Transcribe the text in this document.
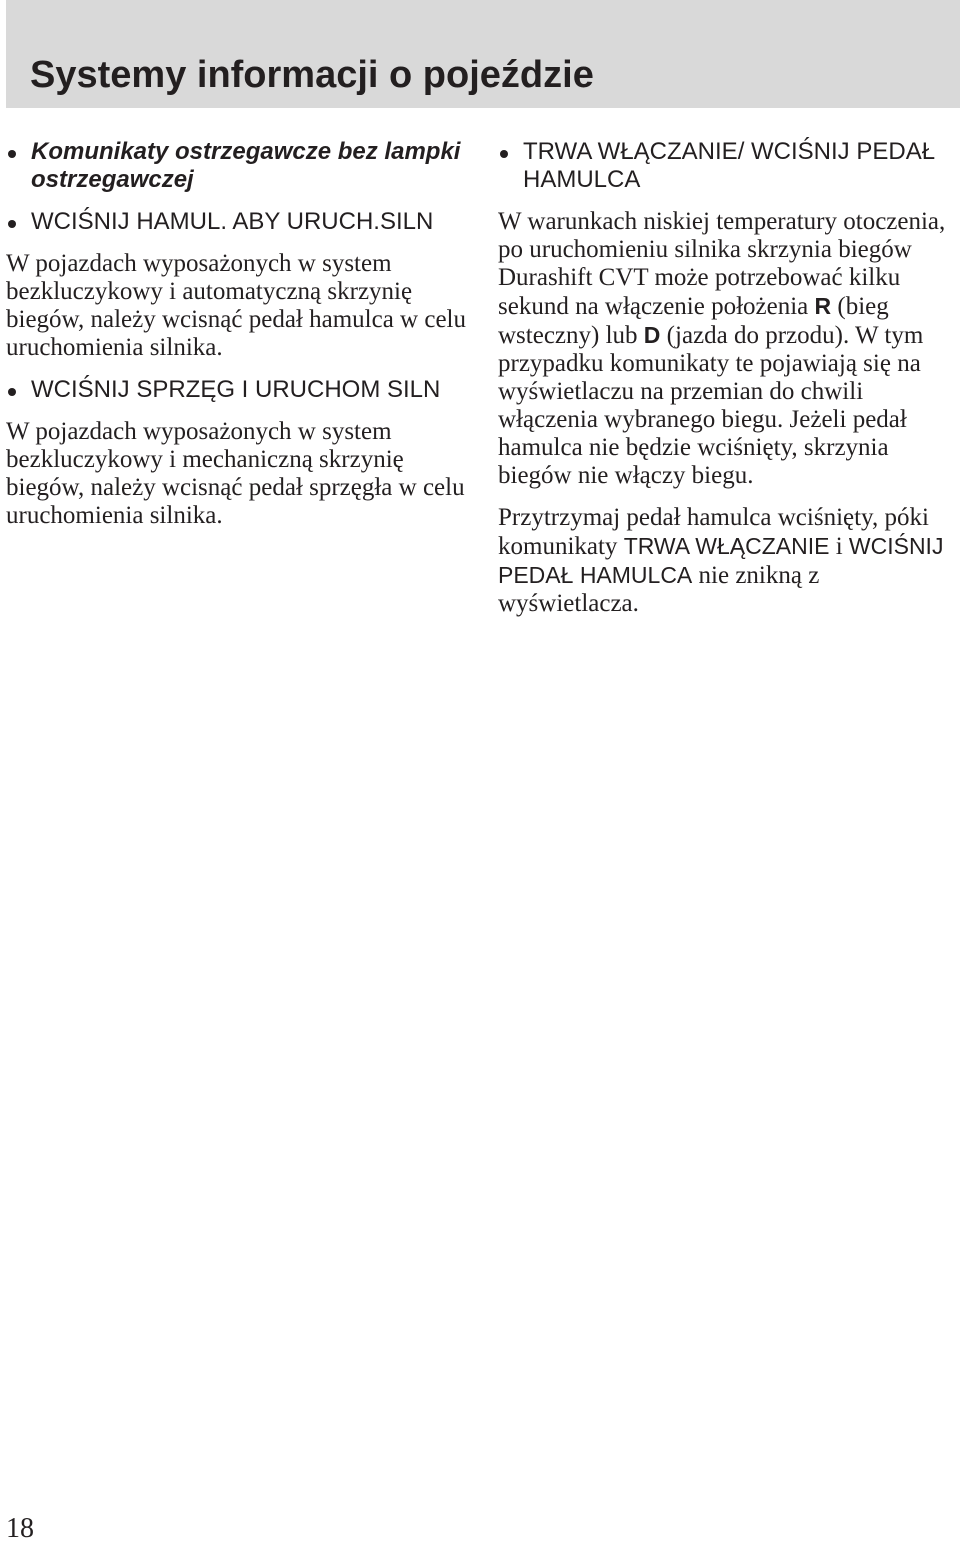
Systemy informacji o pojeździe
Komunikaty ostrzegawcze bez lampki ostrzegawczej
WCIŚNIJ HAMUL. ABY URUCH.SILN

W pojazdach wyposażonych w system bezkluczykowy i automatyczną skrzynię biegów, należy wcisnąć pedał hamulca w celu uruchomienia silnika.

WCIŚNIJ SPRZĘG I URUCHOM SILN

W pojazdach wyposażonych w system bezkluczykowy i mechaniczną skrzynię biegów, należy wcisnąć pedał sprzęgła w celu uruchomienia silnika.

TRWA WŁĄCZANIE/ WCIŚNIJ PEDAŁ HAMULCA

W warunkach niskiej temperatury otoczenia, po uruchomieniu silnika skrzynia biegów Durashift CVT może potrzebować kilku sekund na włączenie położenia R (bieg wsteczny) lub D (jazda do przodu). W tym przypadku komunikaty te pojawiają się na wyświetlaczu na przemian do chwili włączenia wybranego biegu. Jeżeli pedał hamulca nie będzie wciśnięty, skrzynia biegów nie włączy biegu.

Przytrzymaj pedał hamulca wciśnięty, póki komunikaty TRWA WŁĄCZANIE i WCIŚNIJ PEDAŁ HAMULCA nie znikną z wyświetlacza.

18
